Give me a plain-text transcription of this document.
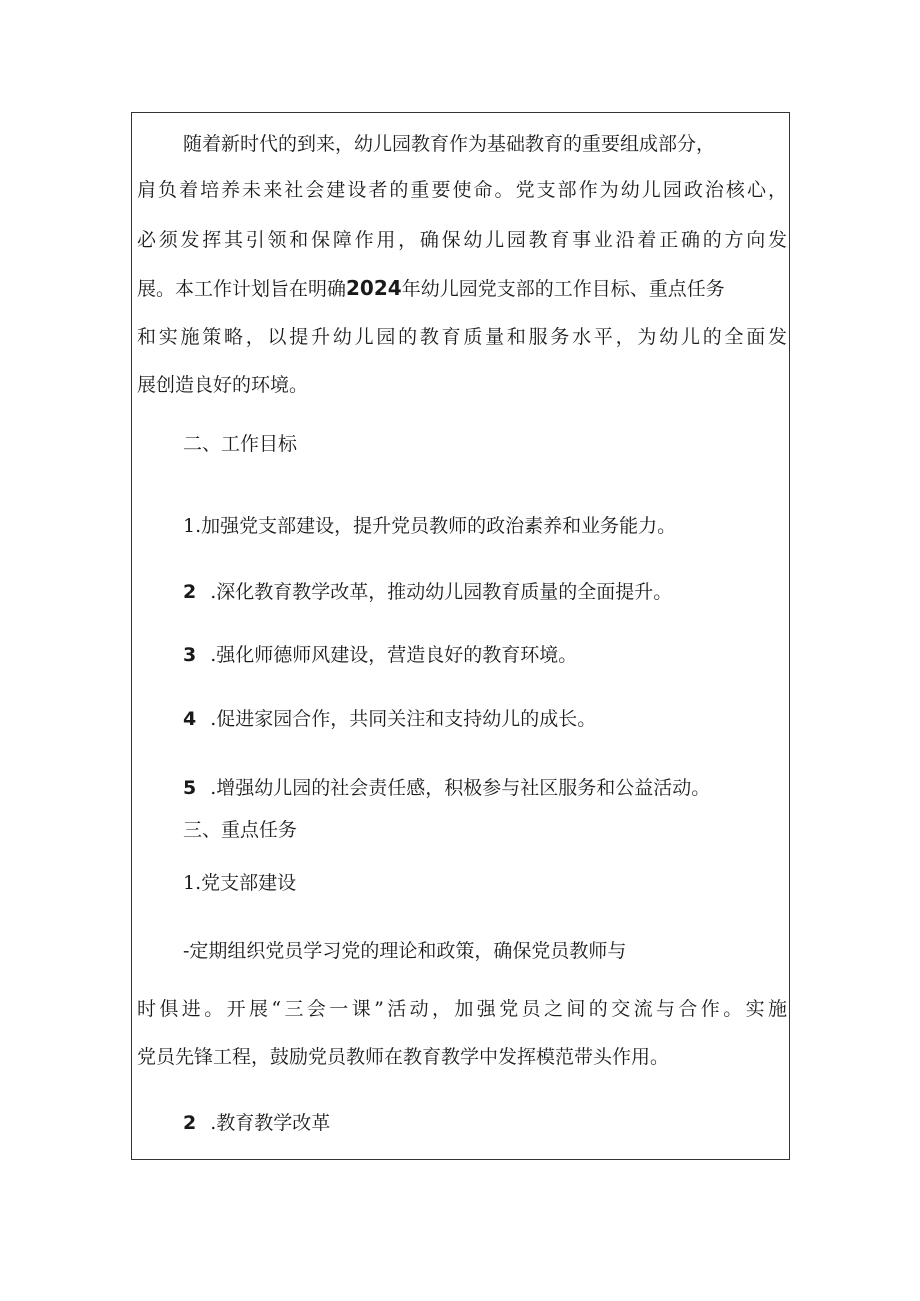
随着新时代的到来，幼儿园教育作为基础教育的重要组成部分，
肩负着培养未来社会建设者的重要使命。党支部作为幼儿园政治核心，
必须发挥其引领和保障作用，确保幼儿园教育事业沿着正确的方向发
展。本工作计划旨在明确2024年幼儿园党支部的工作目标、重点任务
和实施策略，以提升幼儿园的教育质量和服务水平，为幼儿的全面发
展创造良好的环境。
二、工作目标
1.加强党支部建设，提升党员教师的政治素养和业务能力。
2 .深化教育教学改革，推动幼儿园教育质量的全面提升。
3 .强化师德师风建设，营造良好的教育环境。
4 .促进家园合作，共同关注和支持幼儿的成长。
5 .增强幼儿园的社会责任感，积极参与社区服务和公益活动。
三、重点任务
1.党支部建设
-定期组织党员学习党的理论和政策，确保党员教师与
时俱进。开展“三会一课”活动，加强党员之间的交流与合作。实施
党员先锋工程，鼓励党员教师在教育教学中发挥模范带头作用。
2 .教育教学改革
